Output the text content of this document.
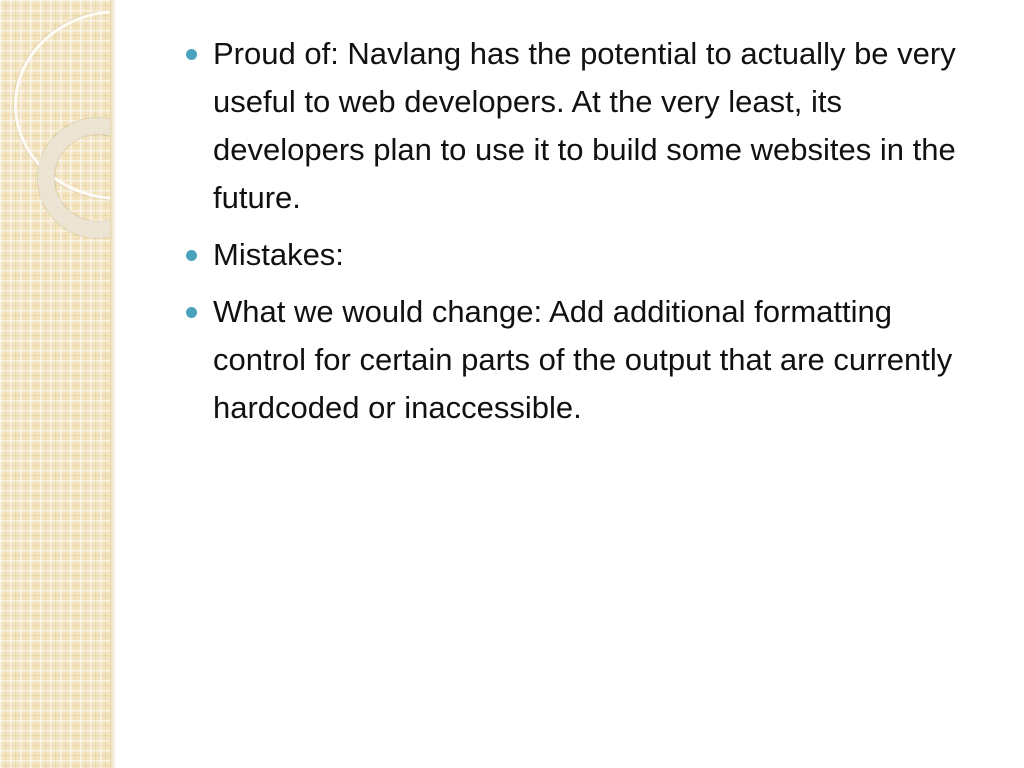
Proud of: Navlang has the potential to actually be very useful to web developers. At the very least, its developers plan to use it to build some websites in the future.
Mistakes:
What we would change: Add additional formatting control for certain parts of the output that are currently hardcoded or inaccessible.
